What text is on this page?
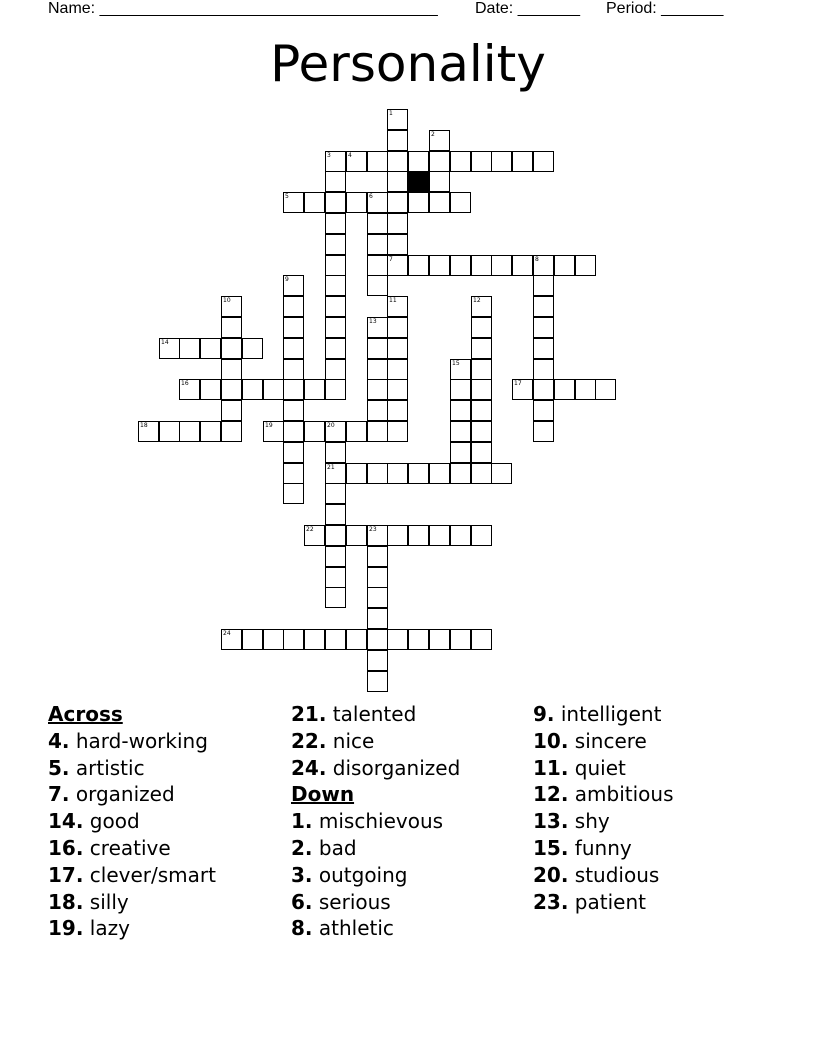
Name: ______________________________________ Date: _______ Period: _______
Personality
1
2
3	4
5	6
7	8
9
10	11	12
13
14
15
16	17
18	19	20
21
22	23
24
Across
4. hard-working
5. artistic
7. organized
14. good
16. creative
17. clever/smart
18. silly
19. lazy
21. talented
22. nice
24. disorganized
Down
1. mischievous
2. bad
3. outgoing
6. serious
8. athletic
9. intelligent
10. sincere
11. quiet
12. ambitious
13. shy
15. funny
20. studious
23. patient
